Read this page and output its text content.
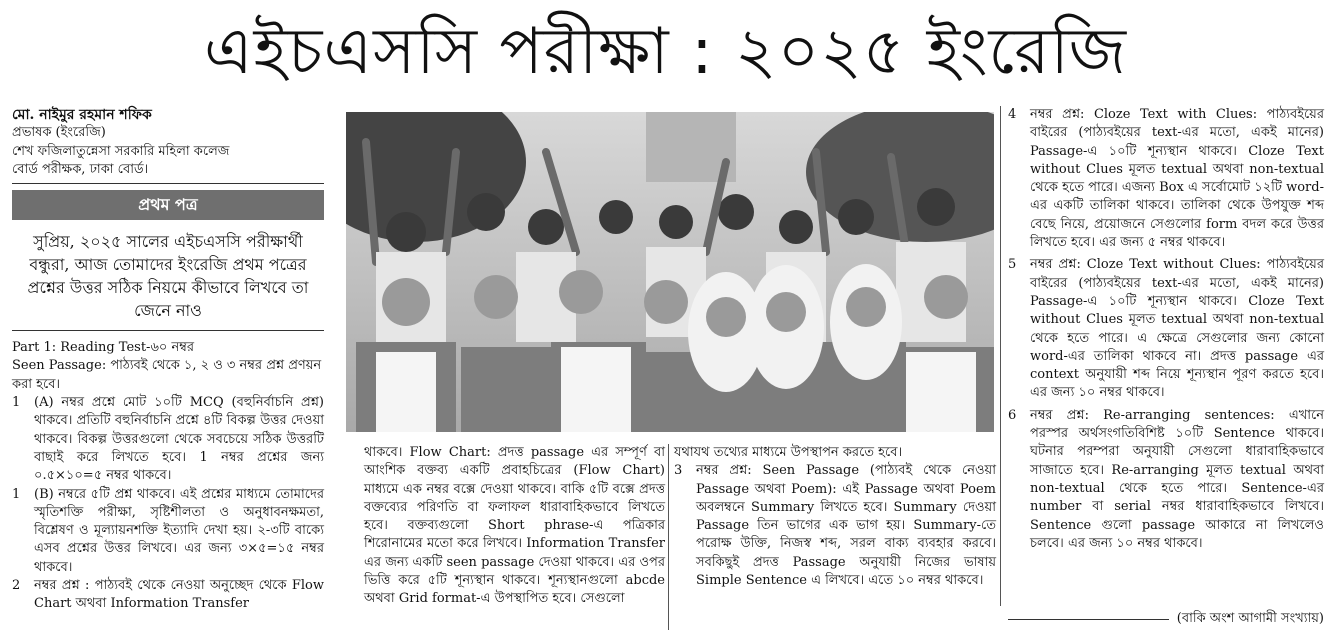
এইচএসসি পরীক্ষা : ২০২৫ ইংরেজি

মো. নাইমুর রহমান শফিক

প্রভাষক (ইংরেজি)

শেখ ফজিলাতুন্নেসা সরকারি মহিলা কলেজ

বোর্ড পরীক্ষক, ঢাকা বোর্ড।

প্রথম পত্র

সুপ্রিয়, ২০২৫ সালের এইচএসসি পরীক্ষার্থী বন্ধুরা, আজ তোমাদের ইংরেজি প্রথম পত্রের প্রশ্নের উত্তর সঠিক নিয়মে কীভাবে লিখবে তা জেনে নাও

Part 1: Reading Test-৬০ নম্বর

Seen Passage: পাঠ্যবই থেকে ১, ২ ও ৩ নম্বর প্রশ্ন প্রণয়ন করা হবে।

1	(A) নম্বর প্রশ্নে মোট ১০টি MCQ (বহুনির্বাচনি প্রশ্ন) থাকবে। প্রতিটি বহুনির্বাচনি প্রশ্নে ৪টি বিকল্প উত্তর দেওয়া থাকবে। বিকল্প উত্তরগুলো থেকে সবচেয়ে সঠিক উত্তরটি বাছাই করে লিখতে হবে। 1 নম্বর প্রশ্নের জন্য ০.৫×১০=৫ নম্বর থাকবে।
1	(B) নম্বরে ৫টি প্রশ্ন থাকবে। এই প্রশ্নের মাধ্যমে তোমাদের স্মৃতিশক্তি পরীক্ষা, সৃষ্টিশীলতা ও অনুধাবনক্ষমতা, বিশ্লেষণ ও মূল্যায়নশক্তি ইত্যাদি দেখা হয়। ২-৩টি বাক্যে এসব প্রশ্নের উত্তর লিখবে। এর জন্য ৩×৫=১৫ নম্বর থাকবে।
2	নম্বর প্রশ্ন : পাঠ্যবই থেকে নেওয়া অনুচ্ছেদ থেকে Flow Chart অথবা Information Transfer

থাকবে। Flow Chart: প্রদত্ত passage এর সম্পূর্ণ বা আংশিক বক্তব্য একটি প্রবাহচিত্রের (Flow Chart) মাধ্যমে এক নম্বর বক্সে দেওয়া থাকবে। বাকি ৫টি বক্সে প্রদত্ত বক্তব্যের পরিণতি বা ফলাফল ধারাবাহিকভাবে লিখতে হবে। বক্তব্যগুলো Short phrase-এ পত্রিকার শিরোনামের মতো করে লিখবে। Information Transfer এর জন্য একটি seen passage দেওয়া থাকবে। এর ওপর ভিত্তি করে ৫টি শূন্যস্থান থাকবে। শূন্যস্থানগুলো abcde অথবা Grid format-এ উপস্থাপিত হবে। সেগুলো

যথাযথ তথ্যের মাধ্যমে উপস্থাপন করতে হবে।

3	নম্বর প্রশ্ন: Seen Passage (পাঠ্যবই থেকে নেওয়া Passage অথবা Poem): এই Passage অথবা Poem অবলম্বনে Summary লিখতে হবে। Summary দেওয়া Passage তিন ভাগের এক ভাগ হয়। Summary-তে পরোক্ষ উক্তি, নিজস্ব শব্দ, সরল বাক্য ব্যবহার করবে। সবকিছুই প্রদত্ত Passage অনুযায়ী নিজের ভাষায় Simple Sentence এ লিখবে। এতে ১০ নম্বর থাকবে।
4	নম্বর প্রশ্ন: Cloze Text with Clues: পাঠ্যবইয়ের বাইরের (পাঠ্যবইয়ের text-এর মতো, একই মানের) Passage-এ ১০টি শূন্যস্থান থাকবে। Cloze Text without Clues মূলত textual অথবা non-textual থেকে হতে পারে। এজন্য Box এ সর্বোমোট ১২টি word-এর একটি তালিকা থাকবে। তালিকা থেকে উপযুক্ত শব্দ বেছে নিয়ে, প্রয়োজনে সেগুলোর form বদল করে উত্তর লিখতে হবে। এর জন্য ৫ নম্বর থাকবে।
5	নম্বর প্রশ্ন: Cloze Text without Clues: পাঠ্যবইয়ের বাইরের (পাঠ্যবইয়ের text-এর মতো, একই মানের) Passage-এ ১০টি শূন্যস্থান থাকবে। Cloze Text without Clues মূলত textual অথবা non-textual থেকে হতে পারে। এ ক্ষেত্রে সেগুলোর জন্য কোনো word-এর তালিকা থাকবে না। প্রদত্ত passage এর context অনুযায়ী শব্দ নিয়ে শূন্যস্থান পূরণ করতে হবে। এর জন্য ১০ নম্বর থাকবে।
6	নম্বর প্রশ্ন: Re-arranging sentences: এখানে পরস্পর অর্থসংগতিবিশিষ্ট ১০টি Sentence থাকবে। ঘটনার পরম্পরা অনুযায়ী সেগুলো ধারাবাহিকভাবে সাজাতে হবে। Re-arranging মূলত textual অথবা non-textual থেকে হতে পারে। Sentence-এর number বা serial নম্বর ধারাবাহিকভাবে লিখবে। Sentence গুলো passage আকারে না লিখলেও চলবে। এর জন্য ১০ নম্বর থাকবে।
(বাকি অংশ আগামী সংখ্যায়)
